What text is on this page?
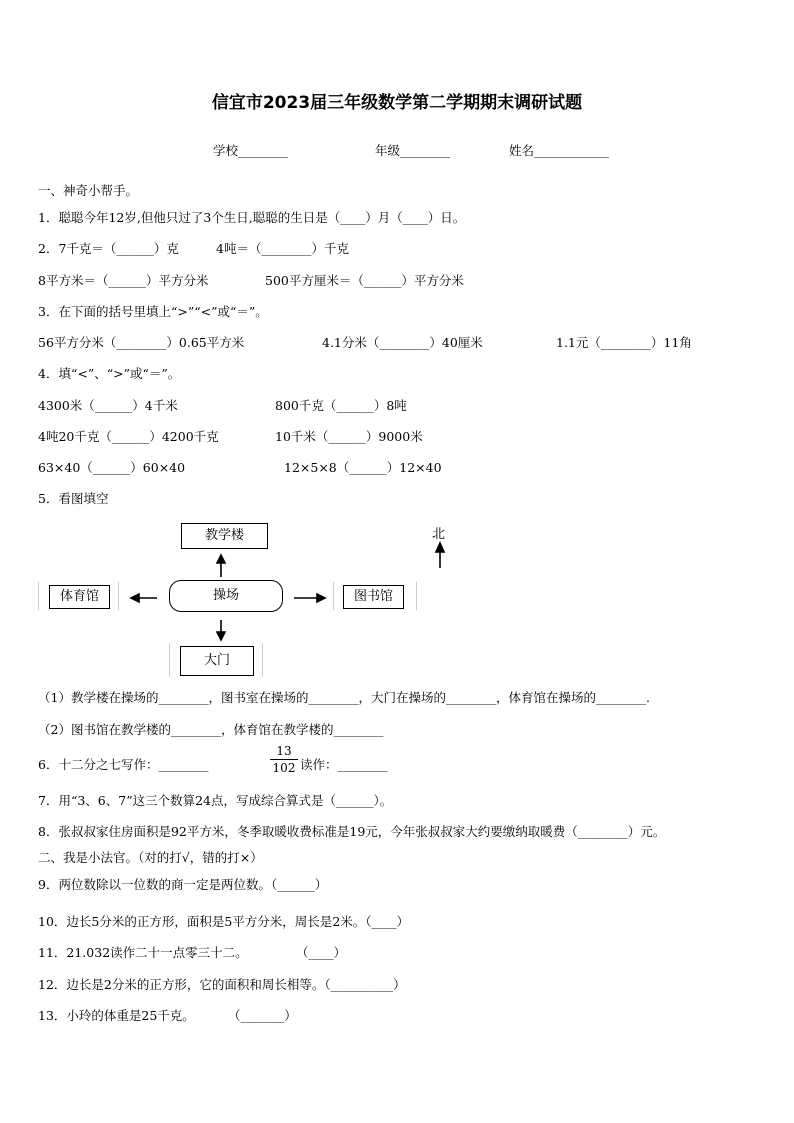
信宜市2023届三年级数学第二学期期末调研试题
学校________	年级________	姓名____________
一、神奇小帮手。
1．聪聪今年12岁,但他只过了3个生日,聪聪的生日是（____）月（____）日。
2．7千克＝（______）克	4吨＝（________）千克
8平方米＝（______）平方分米	500平方厘米＝（______）平方分米
3．在下面的括号里填上“>”“<”或“＝”。
56平方分米（________）0.65平方米	4.1分米（________）40厘米	1.1元（________）11角
4．填“<”、“>”或“＝”。
4300米（______）4千米	800千克（______）8吨
4吨20千克（______）4200千克	10千米（______）9000米
63×40（______）60×40	12×5×8（______）12×40
5．看图填空
教学楼
操场
体育馆	图书馆
大门
北
（1）教学楼在操场的________，图书室在操场的________，大门在操场的________，体育馆在操场的________.
（2）图书馆在教学楼的________，体育馆在教学楼的________
6．十二分之七写作：________
13
102 读作：________
7．用“3、6、7”这三个数算24点，写成综合算式是（______）。
8．张叔叔家住房面积是92平方米，冬季取暖收费标准是19元，今年张叔叔家大约要缴纳取暖费（________）元。
二、我是小法官。（对的打√，错的打×）
9．两位数除以一位数的商一定是两位数。（______）
10．边长5分米的正方形，面积是5平方分米，周长是2米。（____）
11．21.032读作二十一点零三十二。	（____）
12．边长是2分米的正方形，它的面积和周长相等。（__________）
13．小玲的体重是25千克。	（_______）
